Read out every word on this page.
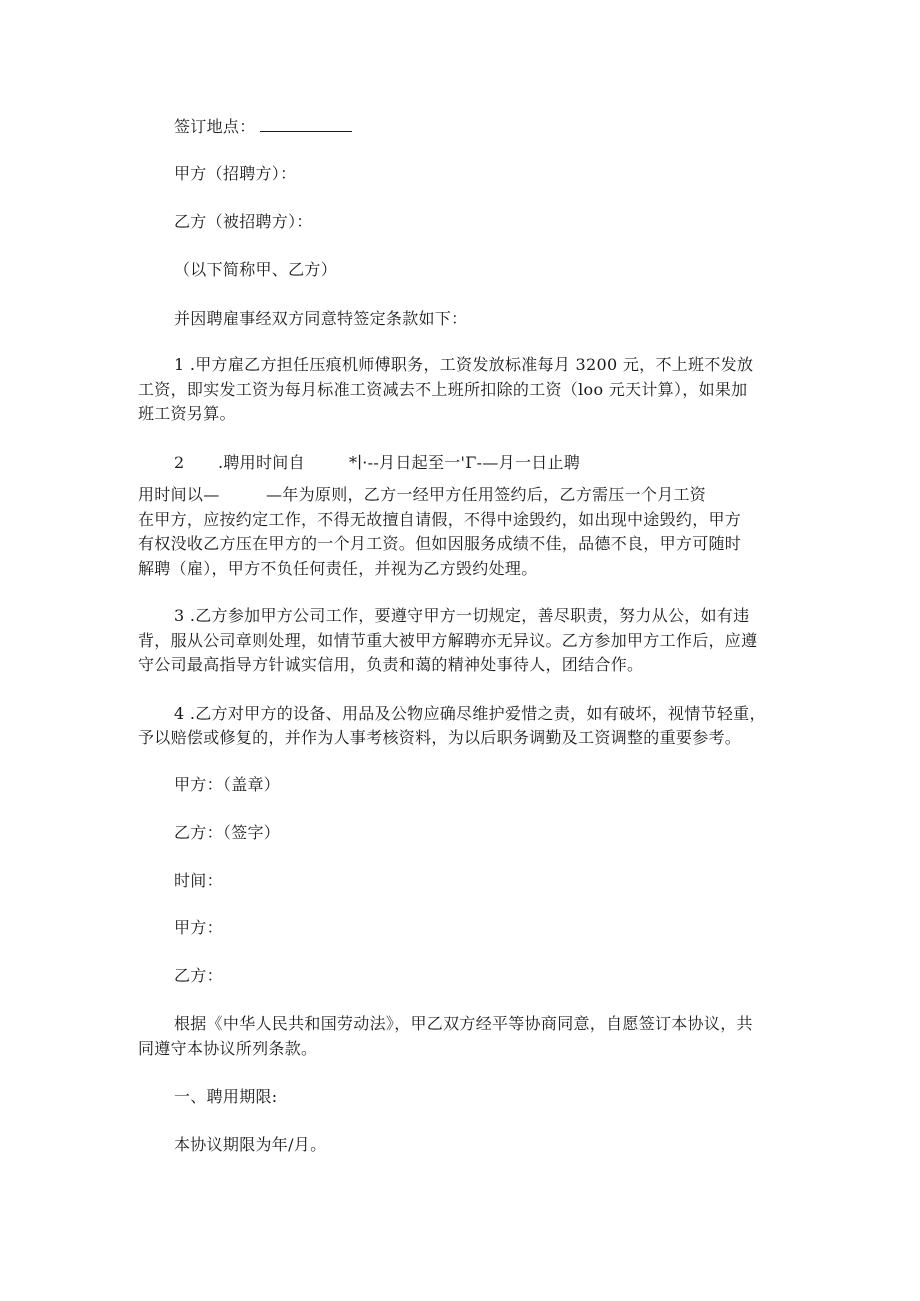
签订地点：
甲方（招聘方）：
乙方（被招聘方）：
（以下简称甲、乙方）
并因聘雇事经双方同意特签定条款如下：
1 .甲方雇乙方担任压痕机师傅职务，工资发放标准每月 3200 元，不上班不发放
工资，即实发工资为每月标准工资减去不上班所扣除的工资（loo 元天计算），如果加
班工资另算。
2 .聘用时间自	*∣·--月日起至一'Γ-—月一日止聘
用时间以—	—年为原则，乙方一经甲方任用签约后，乙方需压一个月工资
在甲方，应按约定工作，不得无故擅自请假，不得中途毁约，如出现中途毁约，甲方
有权没收乙方压在甲方的一个月工资。但如因服务成绩不佳，品德不良，甲方可随时
解聘（雇），甲方不负任何责任，并视为乙方毁约处理。
3 .乙方参加甲方公司工作，要遵守甲方一切规定，善尽职责，努力从公，如有违
背，服从公司章则处理，如情节重大被甲方解聘亦无异议。乙方参加甲方工作后，应遵
守公司最高指导方针诚实信用，负责和蔼的精神处事待人，团结合作。
4 .乙方对甲方的设备、用品及公物应确尽维护爱惜之责，如有破坏，视情节轻重，
予以赔偿或修复的，并作为人事考核资料，为以后职务调勤及工资调整的重要参考。
甲方：（盖章）
乙方：（签字）
时间：
甲方：
乙方：
根据《中华人民共和国劳动法》，甲乙双方经平等协商同意，自愿签订本协议，共
同遵守本协议所列条款。
一、聘用期限:
本协议期限为年/月。
